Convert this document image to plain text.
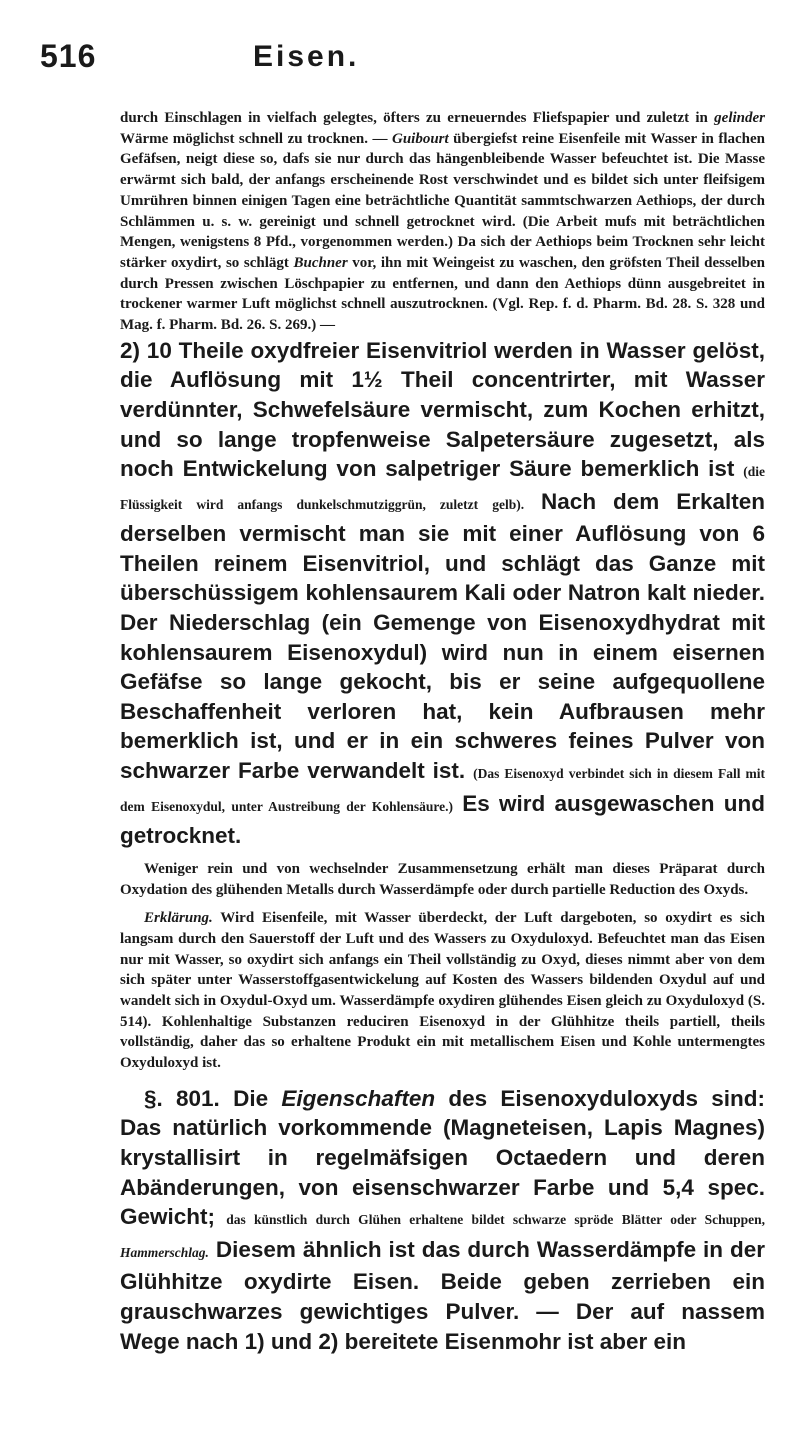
516	Eisen.

durch Einschlagen in vielfach gelegtes, öfters zu erneuerndes Fliefspapier und zuletzt in gelinder Wärme möglichst schnell zu trocknen. — Guibourt übergiefst reine Eisenfeile mit Wasser in flachen Gefäfsen, neigt diese so, dafs sie nur durch das hängenbleibende Wasser befeuchtet ist. Die Masse erwärmt sich bald, der anfangs erscheinende Rost verschwindet und es bildet sich unter fleifsigem Umrühren binnen einigen Tagen eine beträchtliche Quantität sammtschwarzen Aethiops, der durch Schlämmen u. s. w. gereinigt und schnell getrocknet wird. (Die Arbeit mufs mit beträchtlichen Mengen, wenigstens 8 Pfd., vorgenommen werden.) Da sich der Aethiops beim Trocknen sehr leicht stärker oxydirt, so schlägt Buchner vor, ihn mit Weingeist zu waschen, den gröfsten Theil desselben durch Pressen zwischen Löschpapier zu entfernen, und dann den Aethiops dünn ausgebreitet in trockener warmer Luft möglichst schnell auszutrocknen. (Vgl. Rep. f. d. Pharm. Bd. 28. S. 328 und Mag. f. Pharm. Bd. 26. S. 269.) —

2) 10 Theile oxydfreier Eisenvitriol werden in Wasser gelöst, die Auflösung mit 1½ Theil concentrirter, mit Wasser verdünnter, Schwefelsäure vermischt, zum Kochen erhitzt, und so lange tropfenweise Salpetersäure zugesetzt, als noch Entwickelung von salpetriger Säure bemerklich ist (die Flüssigkeit wird anfangs dunkelschmutziggrün, zuletzt gelb). Nach dem Erkalten derselben vermischt man sie mit einer Auflösung von 6 Theilen reinem Eisenvitriol, und schlägt das Ganze mit überschüssigem kohlensaurem Kali oder Natron kalt nieder. Der Niederschlag (ein Gemenge von Eisenoxydhydrat mit kohlensaurem Eisenoxydul) wird nun in einem eisernen Gefäfse so lange gekocht, bis er seine aufgequollene Beschaffenheit verloren hat, kein Aufbrausen mehr bemerklich ist, und er in ein schweres feines Pulver von schwarzer Farbe verwandelt ist. (Das Eisenoxyd verbindet sich in diesem Fall mit dem Eisenoxydul, unter Austreibung der Kohlensäure.) Es wird ausgewaschen und getrocknet.

Weniger rein und von wechselnder Zusammensetzung erhält man dieses Präparat durch Oxydation des glühenden Metalls durch Wasserdämpfe oder durch partielle Reduction des Oxyds.

Erklärung. Wird Eisenfeile, mit Wasser überdeckt, der Luft dargeboten, so oxydirt es sich langsam durch den Sauerstoff der Luft und des Wassers zu Oxyduloxyd. Befeuchtet man das Eisen nur mit Wasser, so oxydirt sich anfangs ein Theil vollständig zu Oxyd, dieses nimmt aber von dem sich später unter Wasserstoffgasentwickelung auf Kosten des Wassers bildenden Oxydul auf und wandelt sich in Oxydul-Oxyd um. Wasserdämpfe oxydiren glühendes Eisen gleich zu Oxyduloxyd (S. 514). Kohlenhaltige Substanzen reduciren Eisenoxyd in der Glühhitze theils partiell, theils vollständig, daher das so erhaltene Produkt ein mit metallischem Eisen und Kohle untermengtes Oxyduloxyd ist.

§. 801. Die Eigenschaften des Eisenoxyduloxyds sind: Das natürlich vorkommende (Magneteisen, Lapis Magnes) krystallisirt in regelmäfsigen Octaedern und deren Abänderungen, von eisenschwarzer Farbe und 5,4 spec. Gewicht; das künstlich durch Glühen erhaltene bildet schwarze spröde Blätter oder Schuppen, Hammerschlag. Diesem ähnlich ist das durch Wasserdämpfe in der Glühhitze oxydirte Eisen. Beide geben zerrieben ein grauschwarzes gewichtiges Pulver. — Der auf nassem Wege nach 1) und 2) bereitete Eisenmohr ist aber ein
